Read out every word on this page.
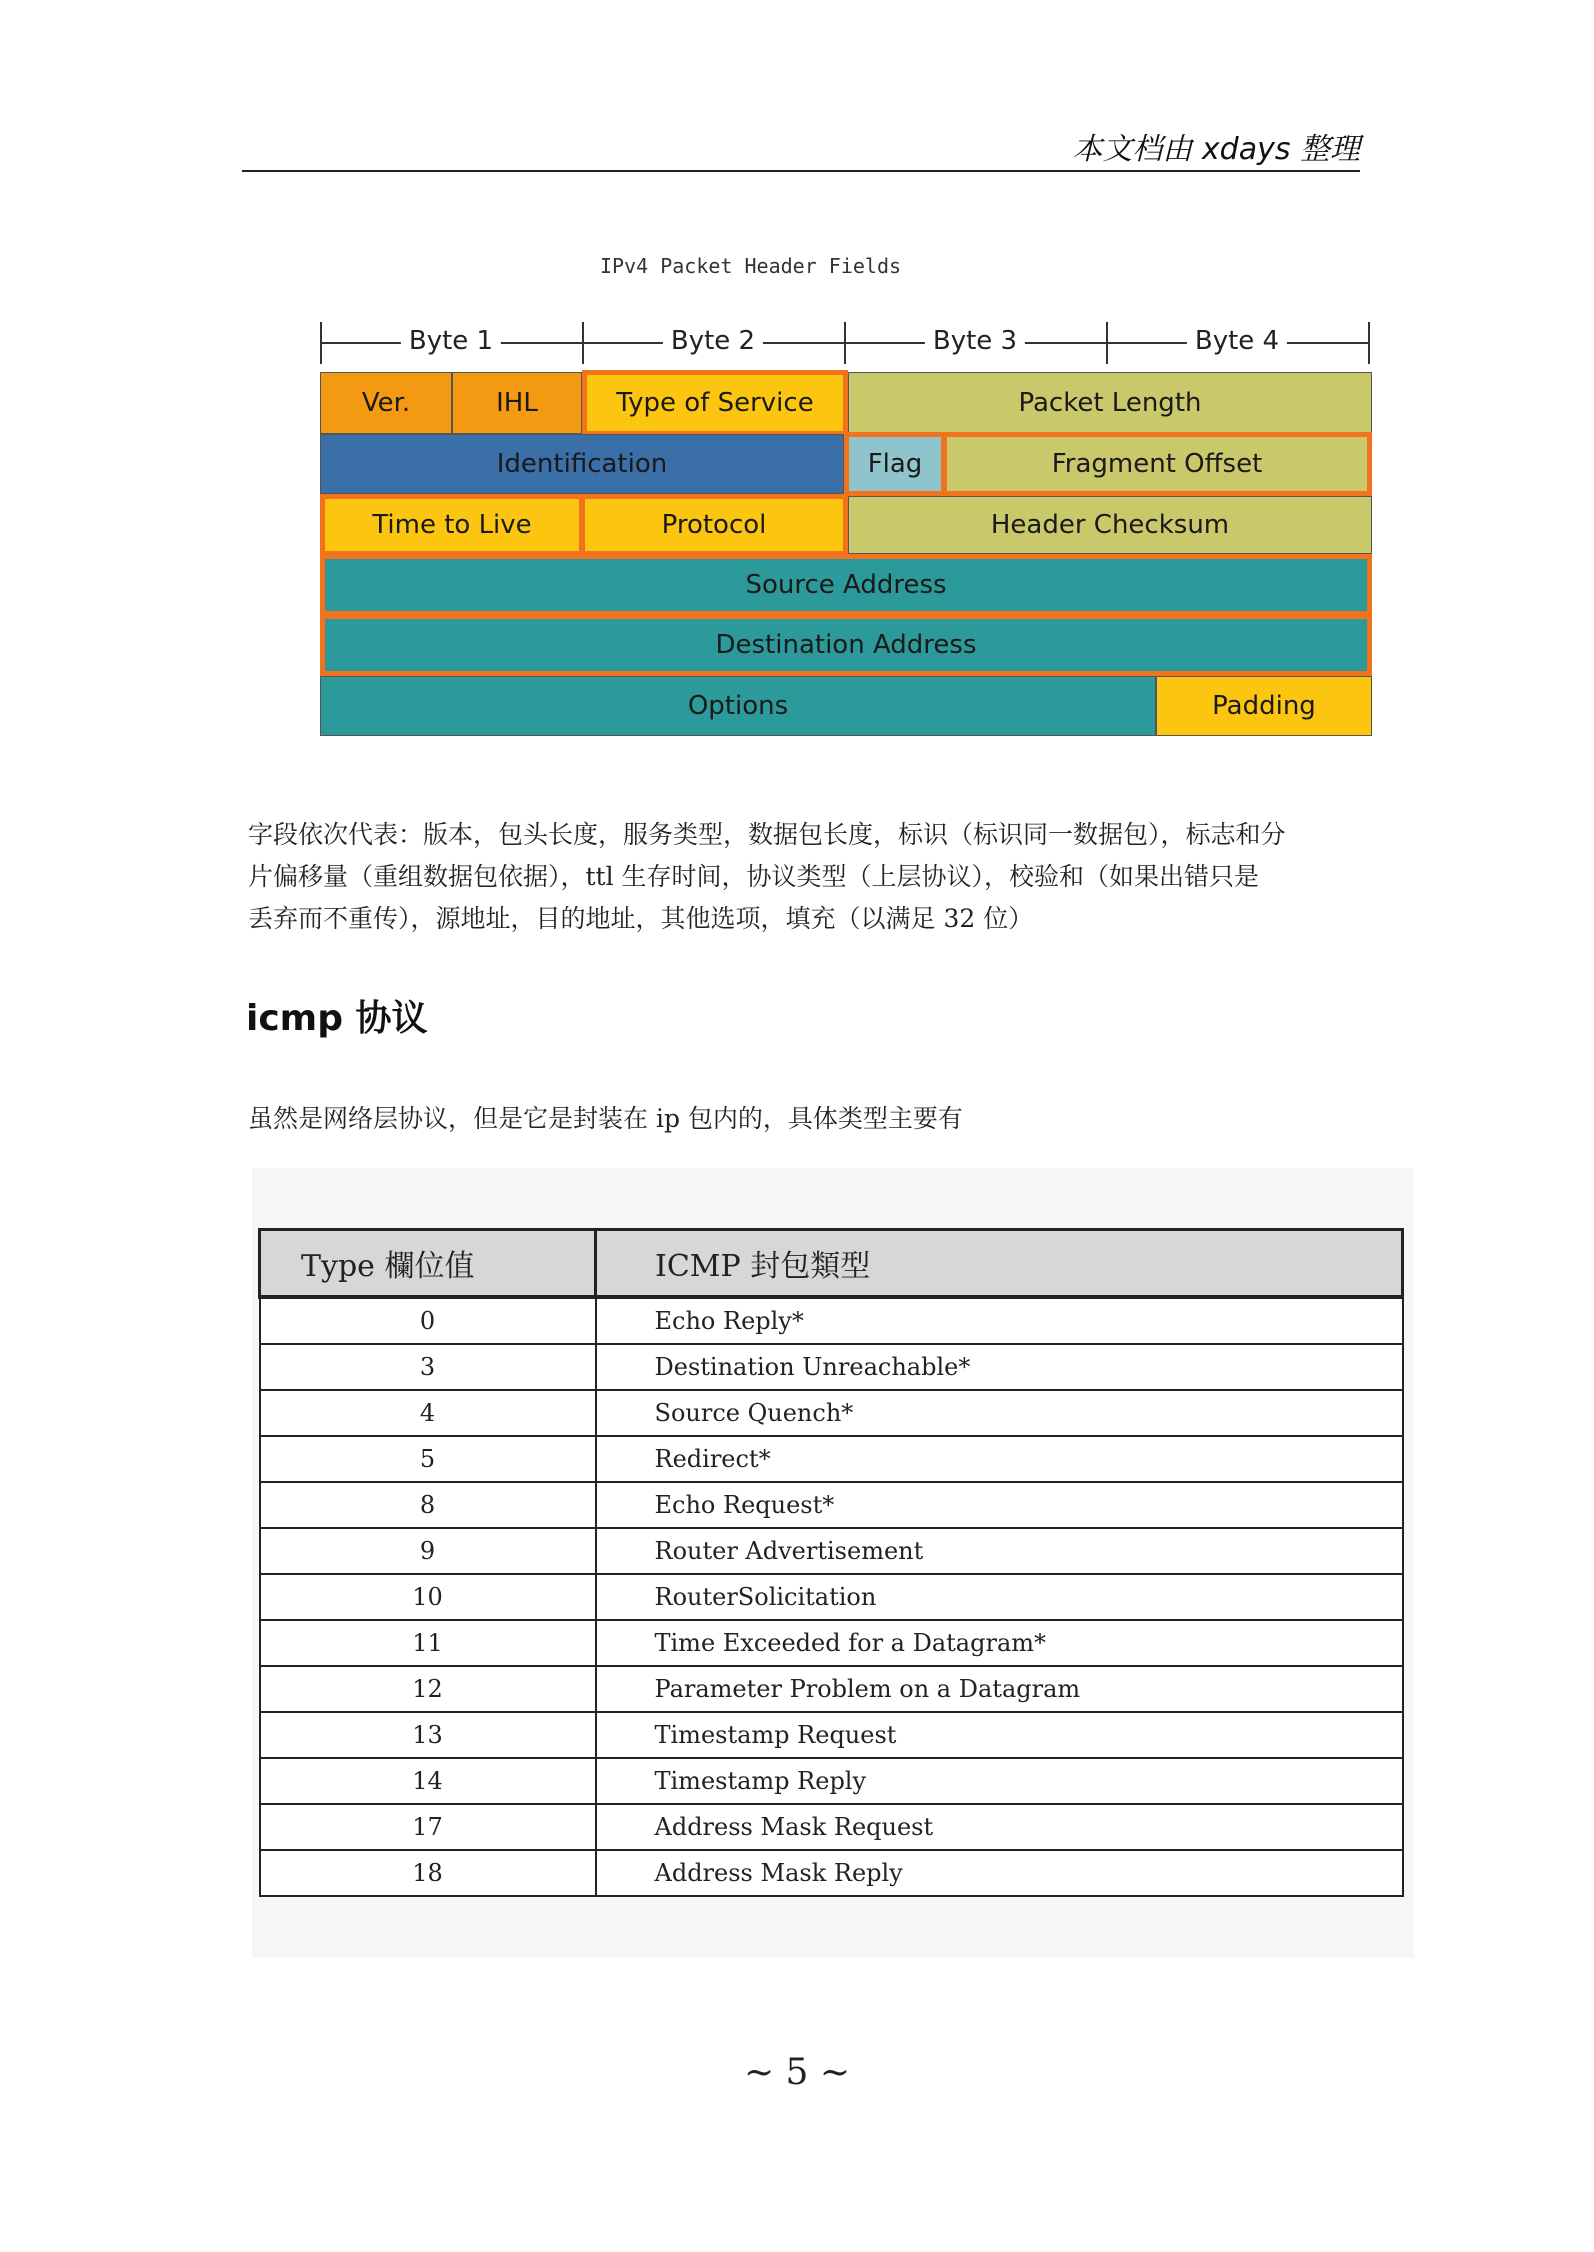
本文档由 xdays 整理
IPv4 Packet Header Fields
Byte 1	Byte 2	Byte 3	Byte 4
Ver.	IHL	Type of Service	Packet Length
Identification	Flag	Fragment Offset
Time to Live	Protocol	Header Checksum
Source Address
Destination Address
Options	Padding
字段依次代表：版本，包头长度，服务类型，数据包长度，标识（标识同一数据包），标志和分
片偏移量（重组数据包依据），ttl 生存时间，协议类型（上层协议），校验和（如果出错只是
丢弃而不重传），源地址，目的地址，其他选项，填充（以满足 32 位）
icmp 协议
虽然是网络层协议，但是它是封装在 ip 包内的，具体类型主要有
Type 欄位值	ICMP 封包類型
0	Echo Reply*
3	Destination Unreachable*
4	Source Quench*
5	Redirect*
8	Echo Request*
9	Router Advertisement
10	RouterSolicitation
11	Time Exceeded for a Datagram*
12	Parameter Problem on a Datagram
13	Timestamp Request
14	Timestamp Reply
17	Address Mask Request
18	Address Mask Reply
~ 5 ~
